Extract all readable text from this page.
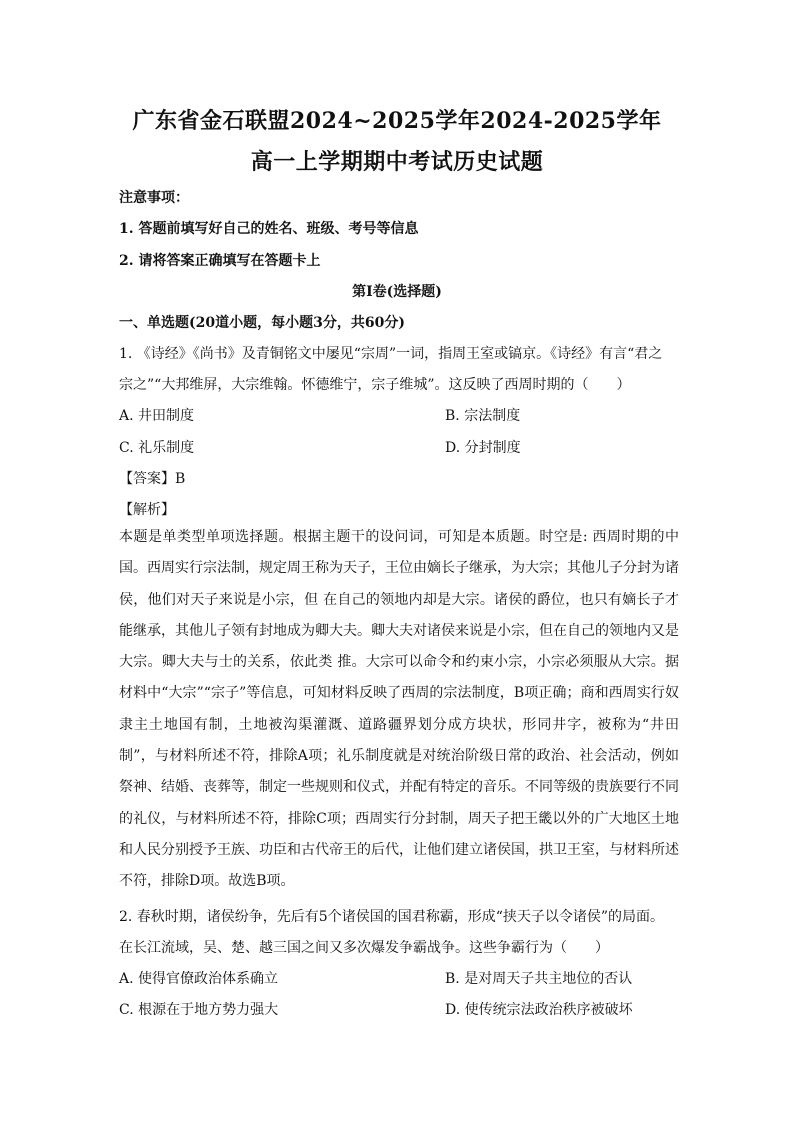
广东省金石联盟2024~2025学年2024-2025学年
高一上学期期中考试历史试题
注意事项：
1. 答题前填写好自己的姓名、班级、考号等信息
2. 请将答案正确填写在答题卡上
第Ⅰ卷(选择题)
一、单选题(20道小题，每小题3分，共60分)
1. 《诗经》《尚书》及青铜铭文中屡见“宗周”一词，指周王室或镐京。《诗经》有言“君之
宗之”“大邦维屏，大宗维翰。怀德维宁，宗子维城”。这反映了西周时期的（　　）
A. 井田制度	B. 宗法制度
C. 礼乐制度	D. 分封制度
【答案】B
【解析】
本题是单类型单项选择题。根据主题干的设问词，可知是本质题。时空是: 西周时期的中国。西周实行宗法制，规定周王称为天子，王位由嫡长子继承，为大宗；其他儿子分封为诸侯，他们对天子来说是小宗，但 在自己的领地内却是大宗。诸侯的爵位，也只有嫡长子才能继承，其他儿子领有封地成为卿大夫。卿大夫对诸侯来说是小宗，但在自己的领地内又是大宗。卿大夫与士的关系，依此类 推。大宗可以命令和约束小宗，小宗必须服从大宗。据材料中“大宗”“宗子”等信息，可知材料反映了西周的宗法制度，B项正确；商和西周实行奴隶主土地国有制，土地被沟渠灌溉、道路疆界划分成方块状，形同井字，被称为“井田制”，与材料所述不符，排除A项；礼乐制度就是对统治阶级日常的政治、社会活动，例如祭神、结婚、丧葬等，制定一些规则和仪式，并配有特定的音乐。不同等级的贵族要行不同的礼仪，与材料所述不符，排除C项；西周实行分封制，周天子把王畿以外的广大地区土地和人民分别授予王族、功臣和古代帝王的后代，让他们建立诸侯国，拱卫王室，与材料所述不符，排除D项。故选B项。
2. 春秋时期，诸侯纷争，先后有5个诸侯国的国君称霸，形成“挟天子以令诸侯”的局面。
在长江流域，吴、楚、越三国之间又多次爆发争霸战争。这些争霸行为（　　）
A. 使得官僚政治体系确立	B. 是对周天子共主地位的否认
C. 根源在于地方势力强大	D. 使传统宗法政治秩序被破坏
